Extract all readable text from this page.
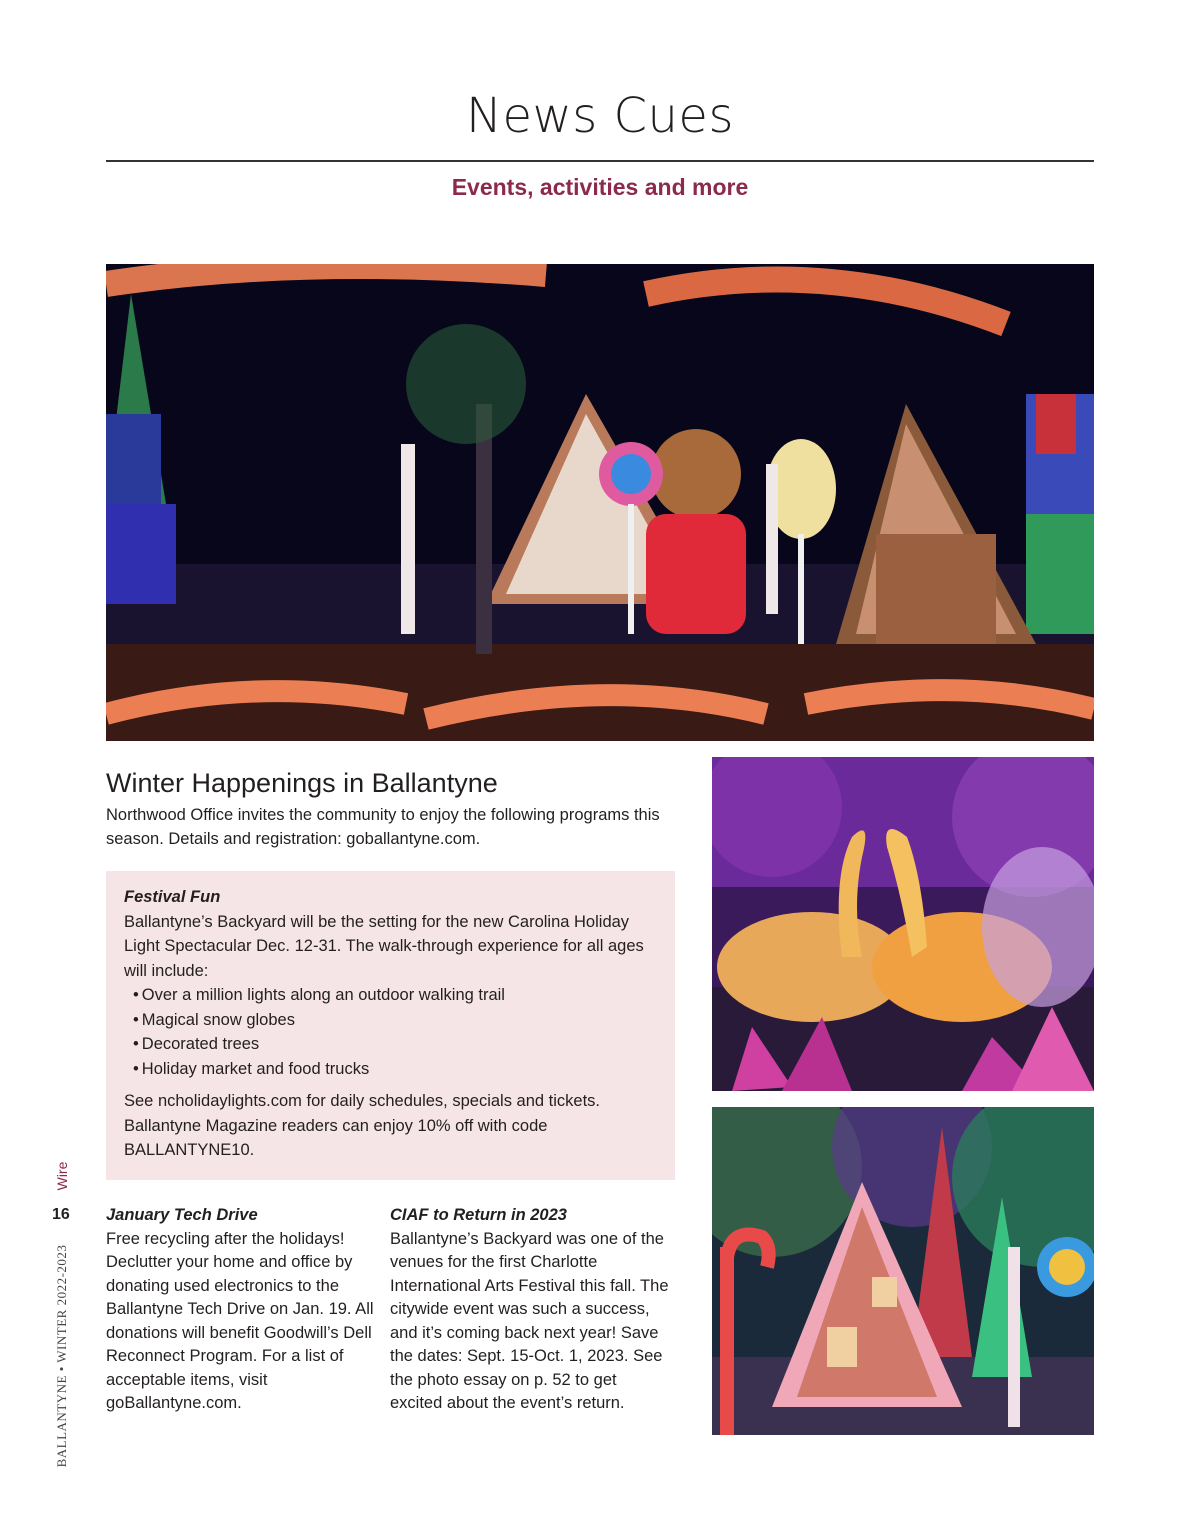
News Cues
Events, activities and more
Winter Happenings in Ballantyne
Northwood Office invites the community to enjoy the following programs this season. Details and registration: goballantyne.com.
Festival Fun
Ballantyne’s Backyard will be the setting for the new Carolina Holiday Light Spectacular Dec. 12-31. The walk-through experience for all ages will include:
• Over a million lights along an outdoor walking trail
• Magical snow globes
• Decorated trees
• Holiday market and food trucks
See ncholidaylights.com for daily schedules, specials and tickets. Ballantyne Magazine readers can enjoy 10% off with code BALLANTYNE10.
January Tech Drive
Free recycling after the holidays! Declutter your home and office by donating used electronics to the Ballantyne Tech Drive on Jan. 19. All donations will benefit Goodwill’s Dell Reconnect Program. For a list of acceptable items, visit goBallantyne.com.
CIAF to Return in 2023
Ballantyne’s Backyard was one of the venues for the first Charlotte International Arts Festival this fall. The citywide event was such a success, and it’s coming back next year! Save the dates: Sept. 15-Oct. 1, 2023. See the photo essay on p. 52 to get excited about the event’s return.
16
Wire
BALLANTYNE • WINTER 2022-2023
